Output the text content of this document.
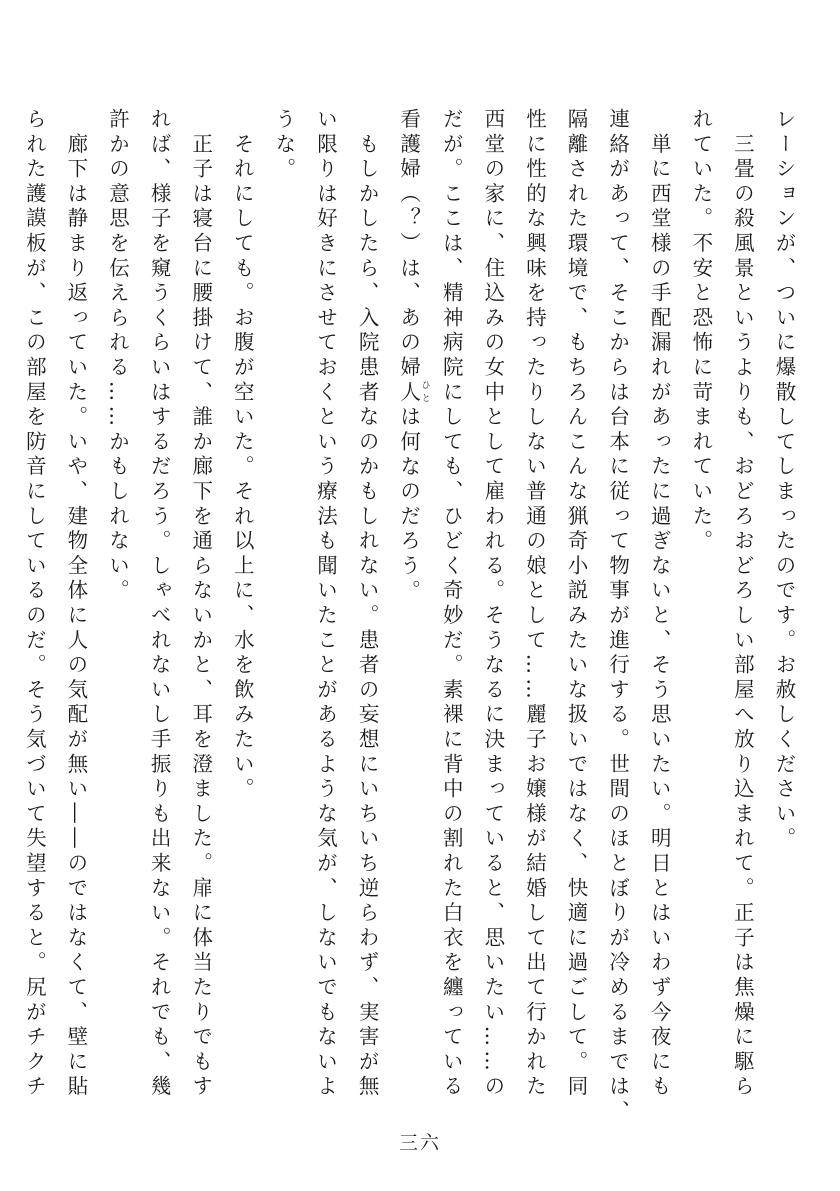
レーションが、ついに爆散してしまったのです。お赦しください。

　三畳の殺風景というよりも、おどろおどろしい部屋へ放り込まれて。正子は焦燥に駆ら

れていた。不安と恐怖に苛まれていた。

　単に西堂様の手配漏れがあったに過ぎないと、そう思いたい。明日とはいわず今夜にも

連絡があって、そこからは台本に従って物事が進行する。世間のほとぼりが冷めるまでは、

隔離された環境で、もちろんこんな猟奇小説みたいな扱いではなく、快適に過ごして。同

性に性的な興味を持ったりしない普通の娘として……麗子お嬢様が結婚して出て行かれた

西堂の家に、住込みの女中として雇われる。そうなるに決まっていると、思いたい……の

だが。ここは、精神病院にしても、ひどく奇妙だ。素裸に背中の割れた白衣を纏っている

看護婦（？）は、あの婦人 ひとは何なのだろう。

　もしかしたら、入院患者なのかもしれない。患者の妄想にいちいち逆らわず、実害が無

い限りは好きにさせておくという療法も聞いたことがあるような気が、しないでもないよ

うな。

　それにしても。お腹が空いた。それ以上に、水を飲みたい。

　正子は寝台に腰掛けて、誰か廊下を通らないかと、耳を澄ました。扉に体当たりでもす

れば、様子を窺うくらいはするだろう。しゃべれないし手振りも出来ない。それでも、幾

許かの意思を伝えられる……かもしれない。

　廊下は静まり返っていた。いや、建物全体に人の気配が無い――のではなくて、壁に貼

られた護謨板が、この部屋を防音にしているのだ。そう気づいて失望すると。尻がチクチ

三六
